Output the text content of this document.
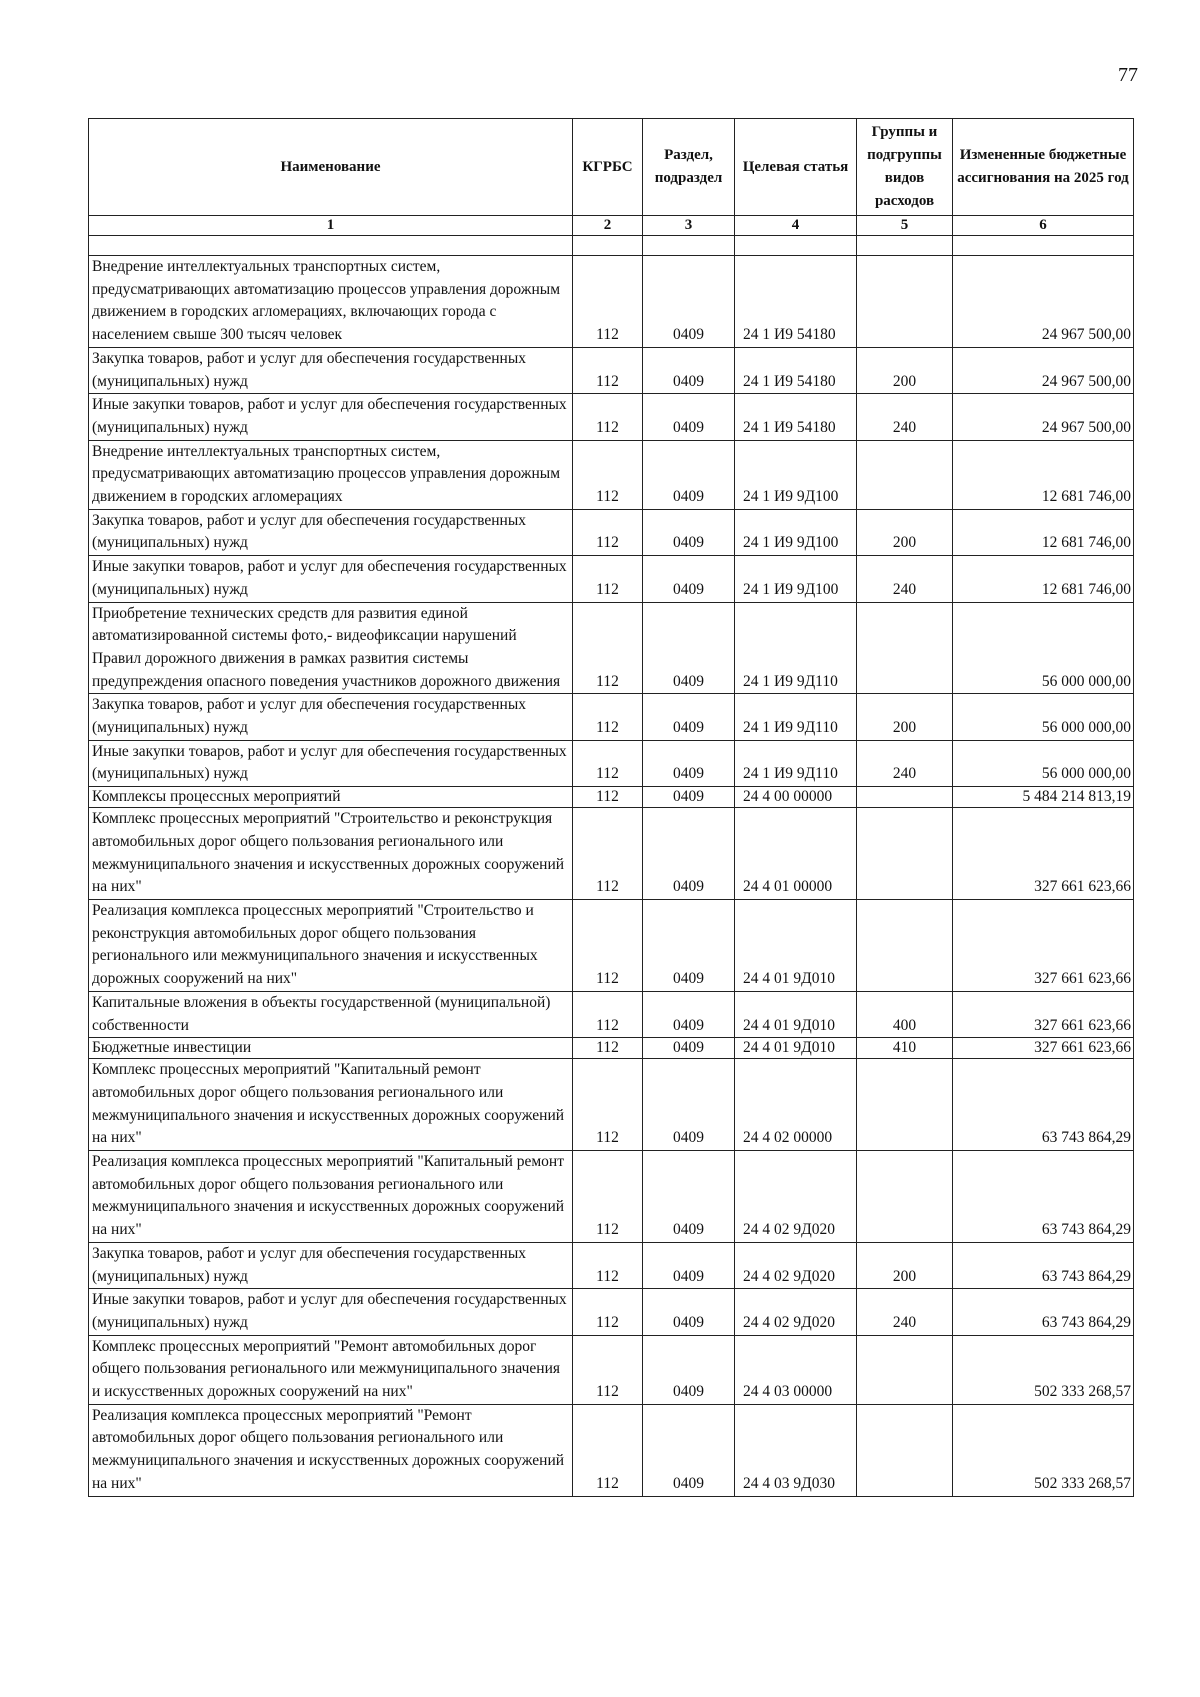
77
Наименование	КГРБС	Раздел, подраздел	Целевая статья	Группы и подгруппы видов расходов	Измененные бюджетные ассигнования на 2025 год
1	2	3	4	5	6

Внедрение интеллектуальных транспортных систем, предусматривающих автоматизацию процессов управления дорожным движением в городских агломерациях, включающих города с населением свыше 300 тысяч человек	112	0409	24 1 И9 54180		24 967 500,00
Закупка товаров, работ и услуг для обеспечения государственных (муниципальных) нужд	112	0409	24 1 И9 54180	200	24 967 500,00
Иные закупки товаров, работ и услуг для обеспечения государственных (муниципальных) нужд	112	0409	24 1 И9 54180	240	24 967 500,00
Внедрение интеллектуальных транспортных систем, предусматривающих автоматизацию процессов управления дорожным движением в городских агломерациях	112	0409	24 1 И9 9Д100		12 681 746,00
Закупка товаров, работ и услуг для обеспечения государственных (муниципальных) нужд	112	0409	24 1 И9 9Д100	200	12 681 746,00
Иные закупки товаров, работ и услуг для обеспечения государственных (муниципальных) нужд	112	0409	24 1 И9 9Д100	240	12 681 746,00
Приобретение технических средств для развития единой автоматизированной системы фото,- видеофиксации нарушений Правил дорожного движения в рамках развития системы предупреждения опасного поведения участников дорожного движения	112	0409	24 1 И9 9Д110		56 000 000,00
Закупка товаров, работ и услуг для обеспечения государственных (муниципальных) нужд	112	0409	24 1 И9 9Д110	200	56 000 000,00
Иные закупки товаров, работ и услуг для обеспечения государственных (муниципальных) нужд	112	0409	24 1 И9 9Д110	240	56 000 000,00
Комплексы процессных мероприятий	112	0409	24 4 00 00000		5 484 214 813,19
Комплекс процессных мероприятий "Строительство и реконструкция автомобильных дорог общего пользования регионального или межмуниципального значения и искусственных дорожных сооружений на них"	112	0409	24 4 01 00000		327 661 623,66
Реализация комплекса процессных мероприятий "Строительство и реконструкция автомобильных дорог общего пользования регионального или межмуниципального значения и искусственных дорожных сооружений на них"	112	0409	24 4 01 9Д010		327 661 623,66
Капитальные вложения в объекты государственной (муниципальной) собственности	112	0409	24 4 01 9Д010	400	327 661 623,66
Бюджетные инвестиции	112	0409	24 4 01 9Д010	410	327 661 623,66
Комплекс процессных мероприятий "Капитальный ремонт автомобильных дорог общего пользования регионального или межмуниципального значения и искусственных дорожных сооружений на них"	112	0409	24 4 02 00000		63 743 864,29
Реализация комплекса процессных мероприятий "Капитальный ремонт автомобильных дорог общего пользования регионального или межмуниципального значения и искусственных дорожных сооружений на них"	112	0409	24 4 02 9Д020		63 743 864,29
Закупка товаров, работ и услуг для обеспечения государственных (муниципальных) нужд	112	0409	24 4 02 9Д020	200	63 743 864,29
Иные закупки товаров, работ и услуг для обеспечения государственных (муниципальных) нужд	112	0409	24 4 02 9Д020	240	63 743 864,29
Комплекс процессных мероприятий "Ремонт автомобильных дорог общего пользования регионального или межмуниципального значения и искусственных дорожных сооружений на них"	112	0409	24 4 03 00000		502 333 268,57
Реализация комплекса процессных мероприятий "Ремонт автомобильных дорог общего пользования регионального или межмуниципального значения и искусственных дорожных сооружений на них"	112	0409	24 4 03 9Д030		502 333 268,57
